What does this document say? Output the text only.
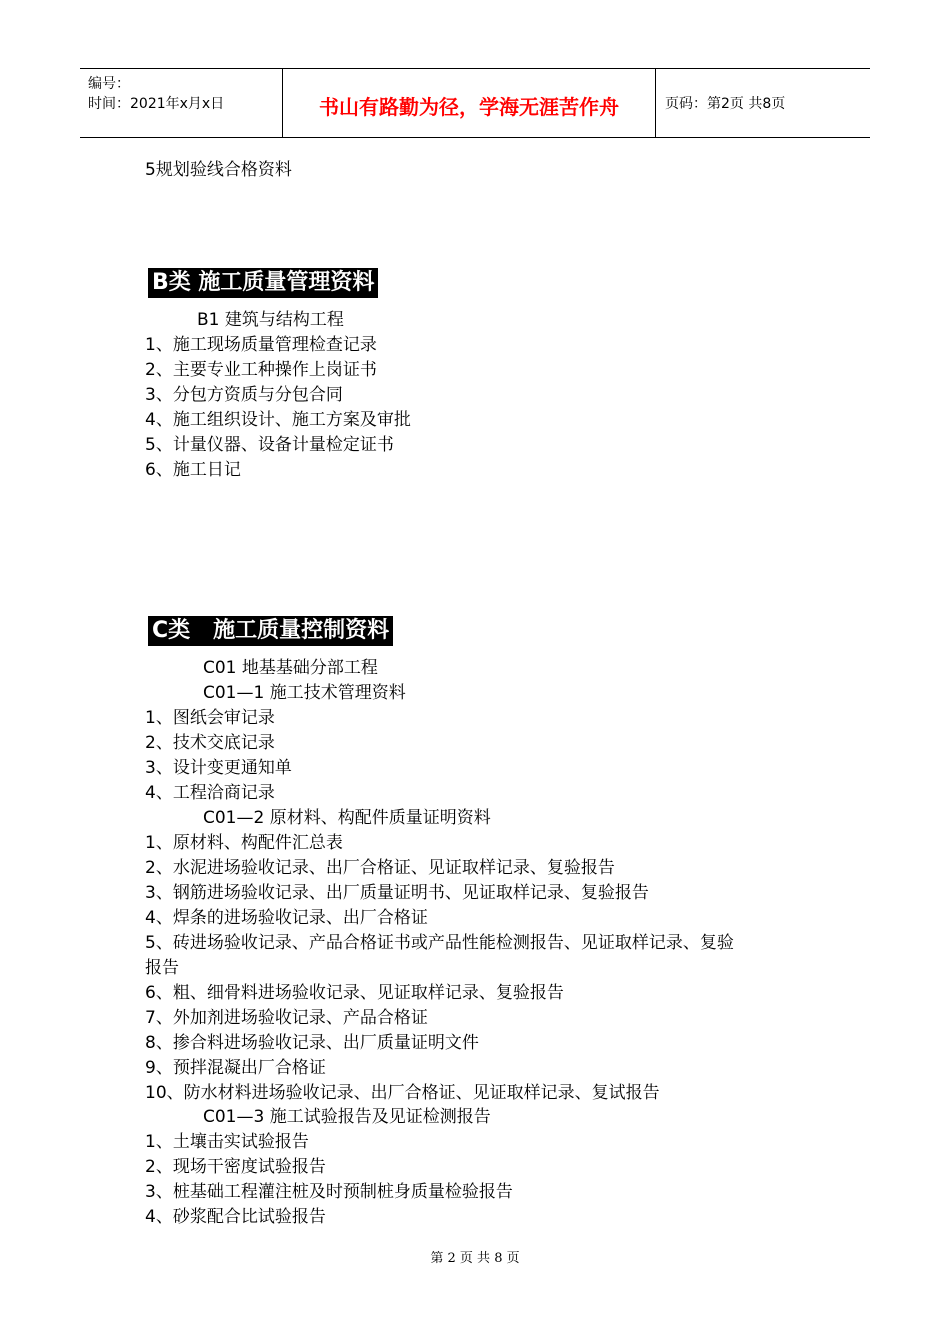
编号：
时间：2021年x月x日	书山有路勤为径，学海无涯苦作舟	页码：第2页 共8页
5规划验线合格资料
B类 施工质量管理资料
B1 建筑与结构工程
1、施工现场质量管理检查记录
2、主要专业工种操作上岗证书
3、分包方资质与分包合同
4、施工组织设计、施工方案及审批
5、计量仪器、设备计量检定证书
6、施工日记
C类   施工质量控制资料
C01 地基基础分部工程
C01—1 施工技术管理资料
1、图纸会审记录
2、技术交底记录
3、设计变更通知单
4、工程洽商记录
C01—2 原材料、构配件质量证明资料
1、原材料、构配件汇总表
2、水泥进场验收记录、出厂合格证、见证取样记录、复验报告
3、钢筋进场验收记录、出厂质量证明书、见证取样记录、复验报告
4、焊条的进场验收记录、出厂合格证
5、砖进场验收记录、产品合格证书或产品性能检测报告、见证取样记录、复验
报告
6、粗、细骨料进场验收记录、见证取样记录、复验报告
7、外加剂进场验收记录、产品合格证
8、掺合料进场验收记录、出厂质量证明文件
9、预拌混凝出厂合格证
10、防水材料进场验收记录、出厂合格证、见证取样记录、复试报告
C01—3 施工试验报告及见证检测报告
1、土壤击实试验报告
2、现场干密度试验报告
3、桩基础工程灌注桩及时预制桩身质量检验报告
4、砂浆配合比试验报告
第 2 页 共 8 页
